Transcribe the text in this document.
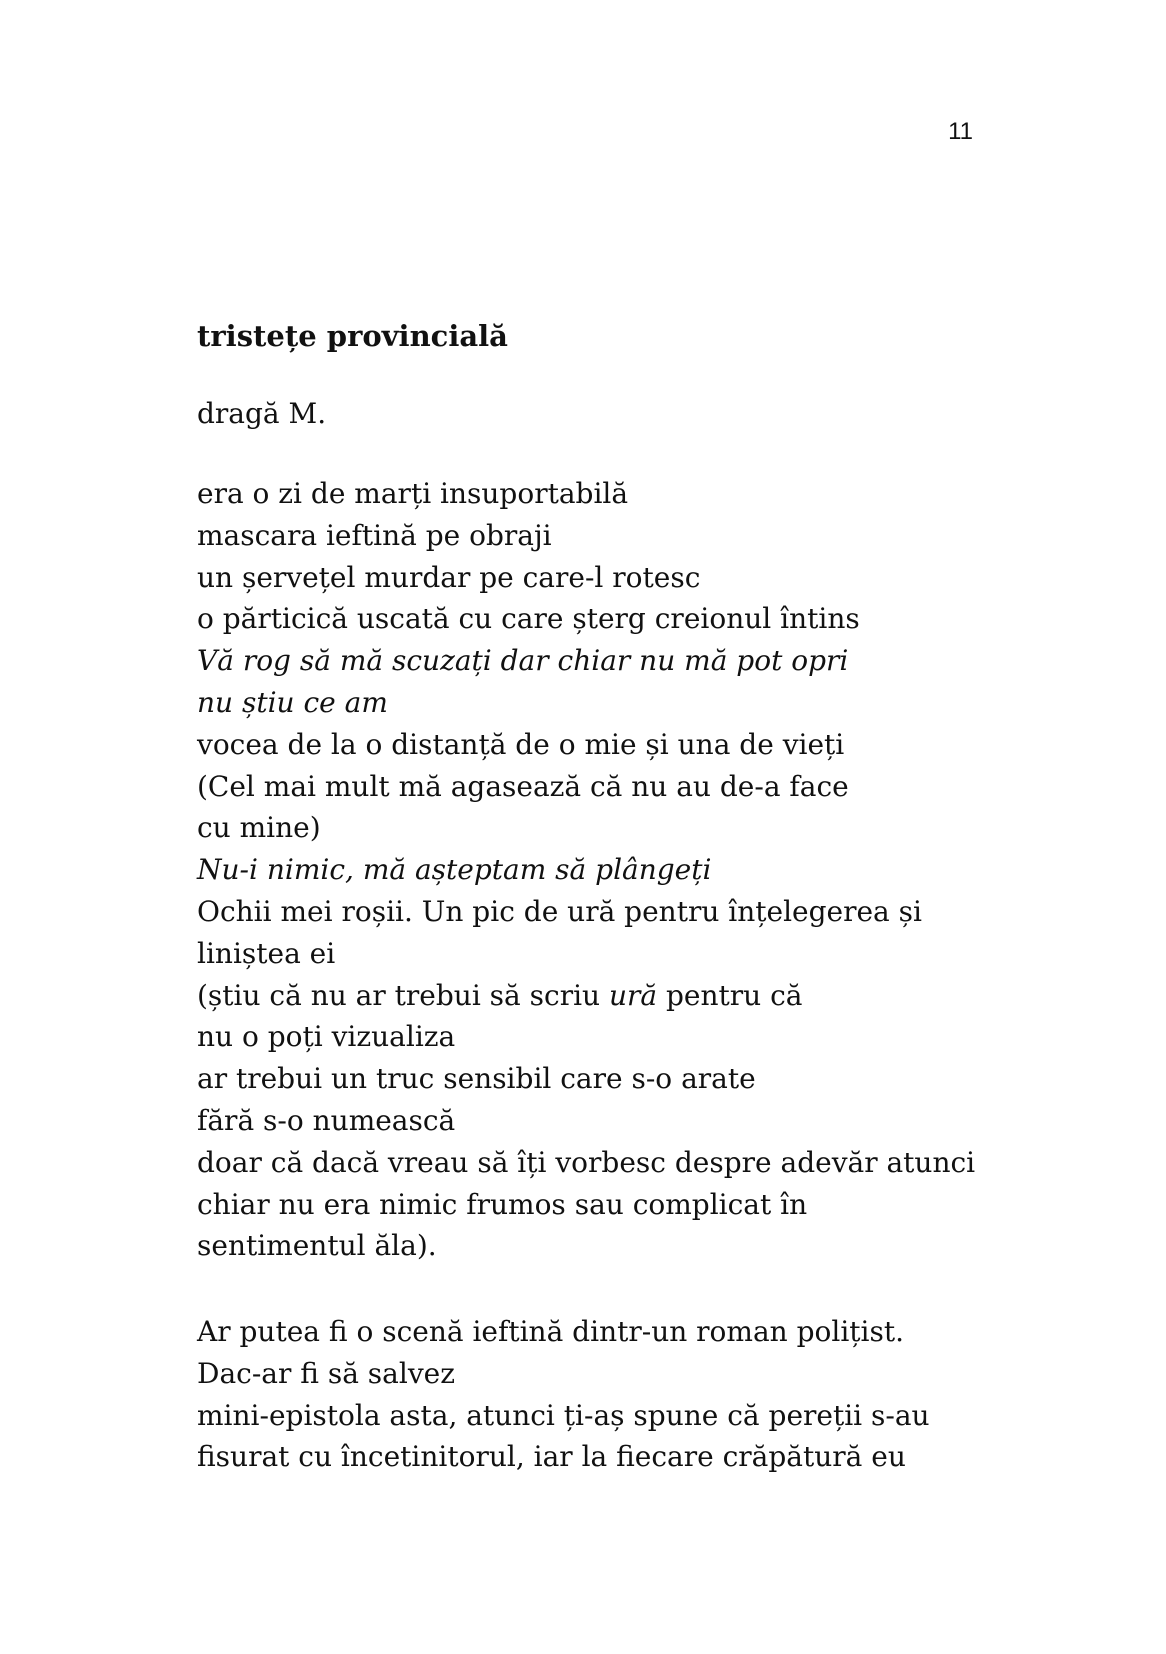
11
tristețe provincială
dragă M.
era o zi de marți insuportabilă
mascara ieftină pe obraji
un șervețel murdar pe care-l rotesc
o părticică uscată cu care șterg creionul întins
Vă rog să mă scuzați dar chiar nu mă pot opri
nu știu ce am
vocea de la o distanță de o mie și una de vieți
(Cel mai mult mă agasează că nu au de-a face
cu mine)
Nu-i nimic, mă așteptam să plângeți
Ochii mei roșii. Un pic de ură pentru înțelegerea și
liniștea ei
(știu că nu ar trebui să scriu ură pentru că
nu o poți vizualiza
ar trebui un truc sensibil care s-o arate
fără s-o numească
doar că dacă vreau să îți vorbesc despre adevăr atunci
chiar nu era nimic frumos sau complicat în
sentimentul ăla).
Ar putea fi o scenă ieftină dintr-un roman polițist.
Dac-ar fi să salvez
mini-epistola asta, atunci ți-aș spune că pereții s-au
fisurat cu încetinitorul, iar la fiecare crăpătură eu
